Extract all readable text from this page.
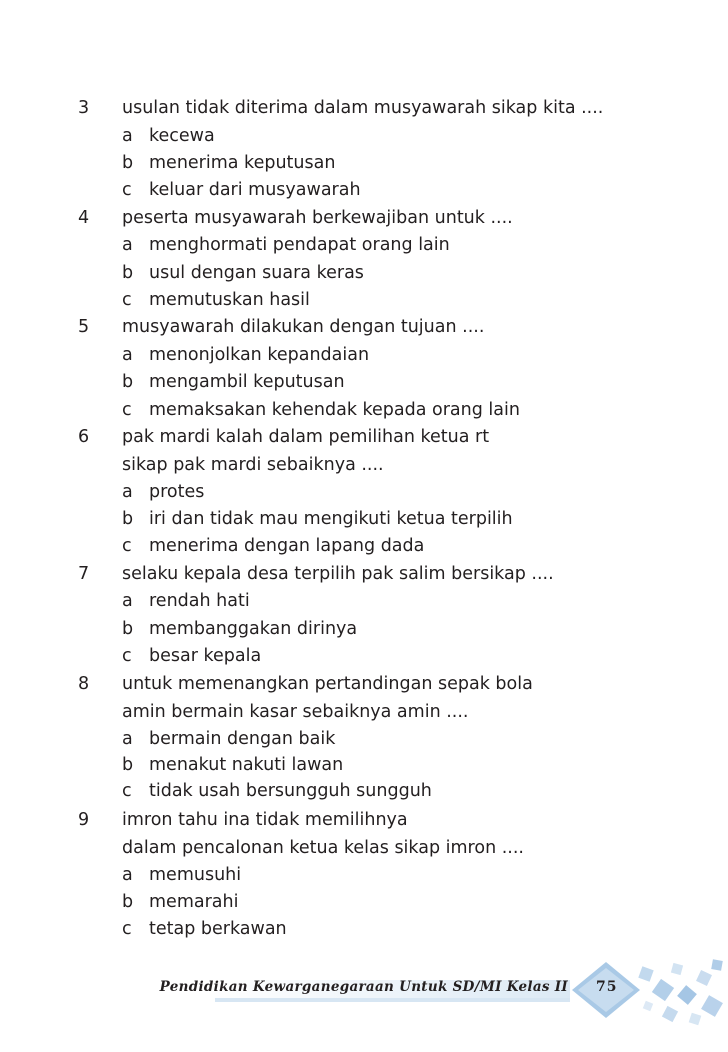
3 usulan tidak diterima dalam musyawarah sikap kita ....
a kecewa
b menerima keputusan
c keluar dari musyawarah
4 peserta musyawarah berkewajiban untuk ....
a menghormati pendapat orang lain
b usul dengan suara keras
c memutuskan hasil
5 musyawarah dilakukan dengan tujuan ....
a menonjolkan kepandaian
b mengambil keputusan
c memaksakan kehendak kepada orang lain
6 pak mardi kalah dalam pemilihan ketua rt
sikap pak mardi sebaiknya ....
a protes
b iri dan tidak mau mengikuti ketua terpilih
c menerima dengan lapang dada
7 selaku kepala desa terpilih pak salim bersikap ....
a rendah hati
b membanggakan dirinya
c besar kepala
8 untuk memenangkan pertandingan sepak bola
amin bermain kasar sebaiknya amin ....
a bermain dengan baik
b menakut nakuti lawan
c tidak usah bersungguh sungguh
9 imron tahu ina tidak memilihnya
dalam pencalonan ketua kelas sikap imron ....
a memusuhi
b memarahi
c tetap berkawan
Pendidikan Kewarganegaraan Untuk SD/MI Kelas II 75
